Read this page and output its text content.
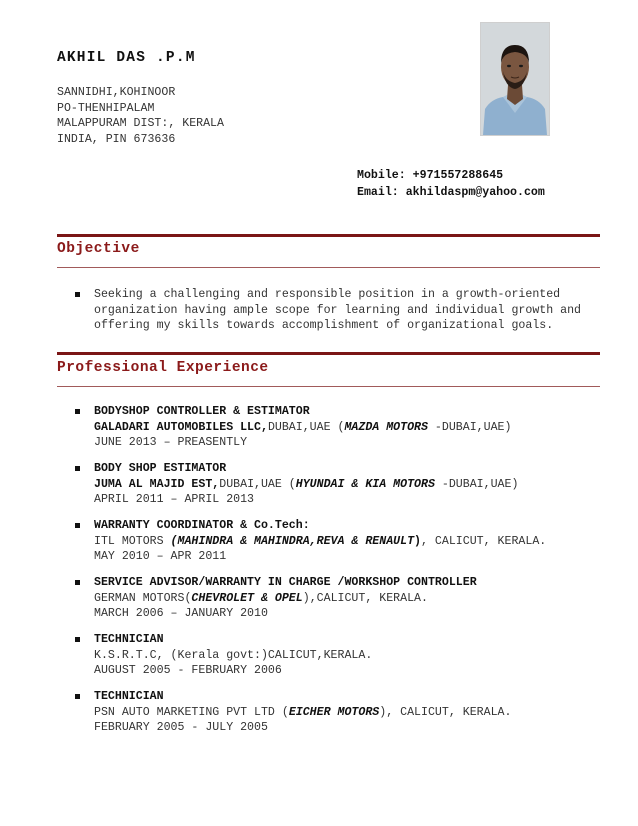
AKHIL DAS .P.M
SANNIDHI,KOHINOOR
PO-THENHIPALAM
MALAPPURAM DIST:, KERALA
INDIA, PIN 673636
Mobile: +971557288645
Email: akhildaspm@yahoo.com
Objective
Seeking a challenging and responsible position in a growth-oriented organization having ample scope for learning and individual growth and offering my skills towards accomplishment of organizational goals.
Professional Experience
BODYSHOP CONTROLLER & ESTIMATOR
GALADARI AUTOMOBILES LLC,DUBAI,UAE (MAZDA MOTORS -DUBAI,UAE)
JUNE 2013 – PREASENTLY
BODY SHOP ESTIMATOR
JUMA AL MAJID EST,DUBAI,UAE (HYUNDAI & KIA MOTORS -DUBAI,UAE)
APRIL 2011 – APRIL 2013
WARRANTY COORDINATOR & Co.Tech:
ITL MOTORS (MAHINDRA & MAHINDRA,REVA & RENAULT), CALICUT, KERALA.
MAY 2010 – APR 2011
SERVICE ADVISOR/WARRANTY IN CHARGE /WORKSHOP CONTROLLER
GERMAN MOTORS(CHEVROLET & OPEL),CALICUT, KERALA.
MARCH 2006 – JANUARY 2010
TECHNICIAN
K.S.R.T.C, (Kerala govt:)CALICUT,KERALA.
AUGUST 2005 - FEBRUARY 2006
TECHNICIAN
PSN AUTO MARKETING PVT LTD (EICHER MOTORS), CALICUT, KERALA.
FEBRUARY 2005 - JULY 2005
